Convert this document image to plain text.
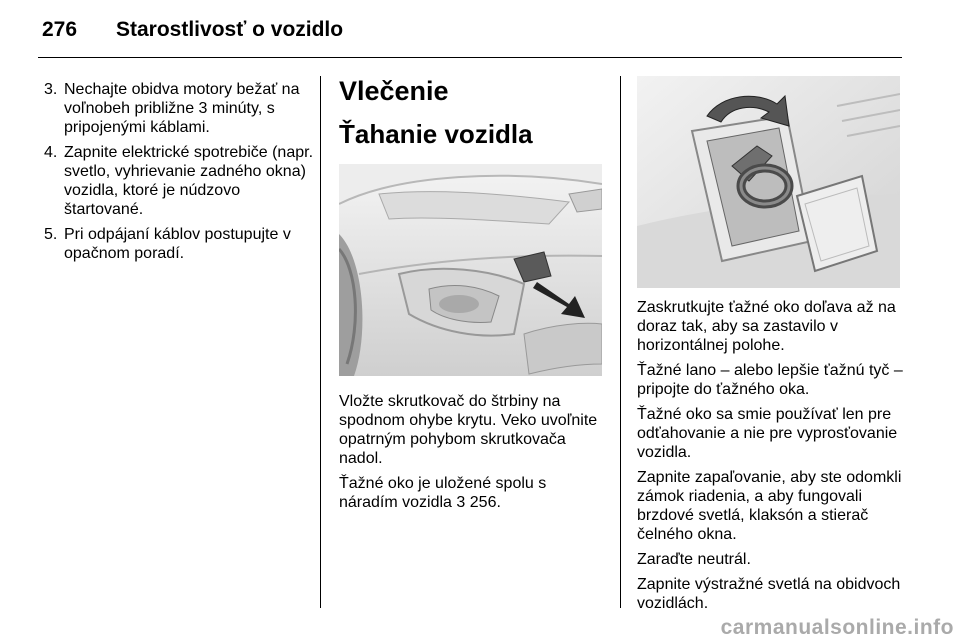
276 Starostlivosť o vozidlo
3. Nechajte obidva motory bežať na voľnobeh približne 3 minúty, s pripojenými káblami.
4. Zapnite elektrické spotrebiče (napr. svetlo, vyhrievanie zadného okna) vozidla, ktoré je núdzovo štartované.
5. Pri odpájaní káblov postupujte v opačnom poradí.
Vlečenie
Ťahanie vozidla

Vložte skrutkovač do štrbiny na spodnom ohybe krytu. Veko uvoľnite opatrným pohybom skrutkovača nadol.

Ťažné oko je uložené spolu s náradím vozidla 3 256.

Zaskrutkujte ťažné oko doľava až na doraz tak, aby sa zastavilo v horizontálnej polohe.

Ťažné lano – alebo lepšie ťažnú tyč – pripojte do ťažného oka.

Ťažné oko sa smie používať len pre odťahovanie a nie pre vyprosťovanie vozidla.

Zapnite zapaľovanie, aby ste odomkli zámok riadenia, a aby fungovali brzdové svetlá, klaksón a stierač čelného okna.

Zaraďte neutrál.

Zapnite výstražné svetlá na obidvoch vozidlách.

carmanualsonline.info
